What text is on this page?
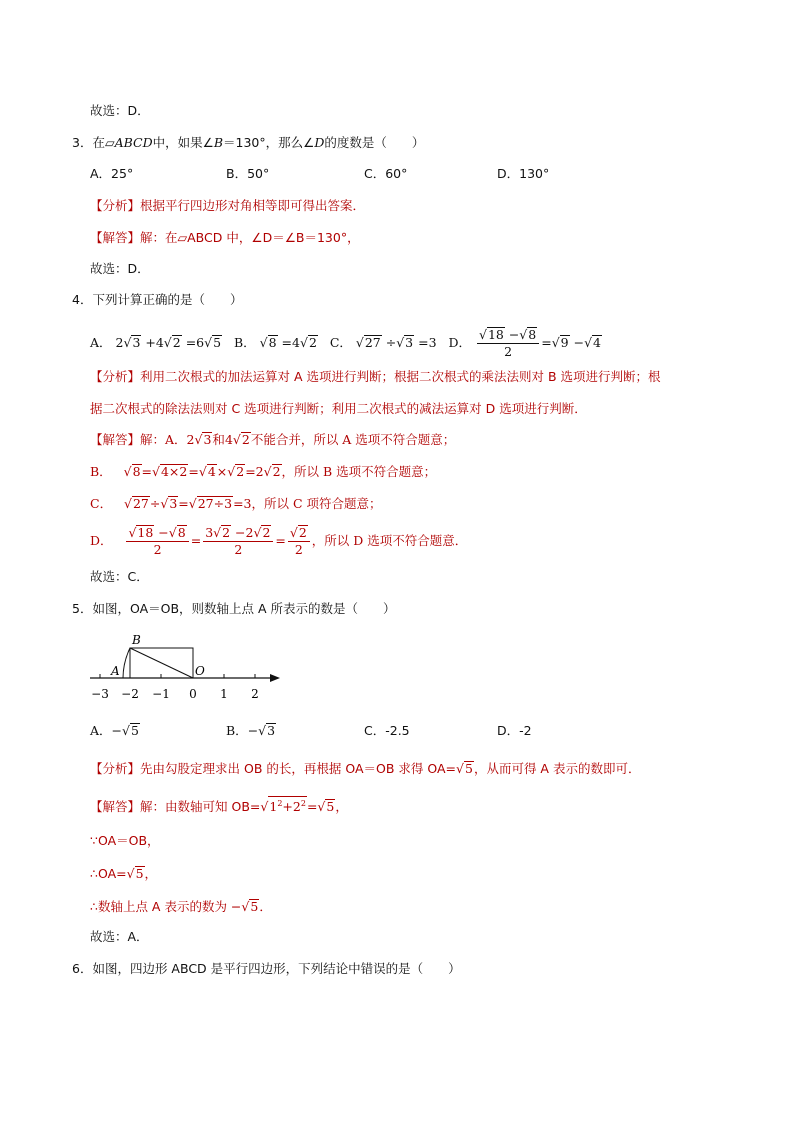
故选：D．
3．在▱ABCD中，如果∠B＝130°，那么∠D的度数是（　　）
A．25°	B．50°	C．60°	D．130°
【分析】根据平行四边形对角相等即可得出答案．
【解答】解：在▱ABCD 中，∠D＝∠B＝130°，
故选：D．
4．下列计算正确的是（　　）
A． 2√3 +4√2 =6√5 B． √8 =4√2 C． √27 ÷√3 =3 D． $\frac{√18 -√8}{2} =√9 -√4$
【分析】利用二次根式的加法运算对 A 选项进行判断；根据二次根式的乘法法则对 B 选项进行判断；根
据二次根式的除法法则对 C 选项进行判断；利用二次根式的减法运算对 D 选项进行判断．
【解答】解：A．2√3和4√2不能合并，所以 A 选项不符合题意；
B． √8=√4×2=√4×√2=2√2，所以 B 选项不符合题意；
C． √27÷√3=√27÷3=3，所以 C 项符合题意；
D． $\frac{√18 -√8}{2} = \frac{3√2 -2√2}{2} = \frac{√2}{2}$ ，所以 D 选项不符合题意．
故选：C．
5．如图，OA＝OB，则数轴上点 A 所表示的数是（　　）
B
A	O
−3 −2 −1 0 1 2
A．−√5	B．−√3	C．-2.5	D．-2
【分析】先由勾股定理求出 OB 的长，再根据 OA＝OB 求得 OA=√5，从而可得 A 表示的数即可．
【解答】解：由数轴可知 $OB=√1^2+2^2=√5$，
∵OA＝OB，
∴OA=√5，
∴数轴上点 A 表示的数为 −√5．
故选：A．
6．如图，四边形 ABCD 是平行四边形，下列结论中错误的是（　　）
